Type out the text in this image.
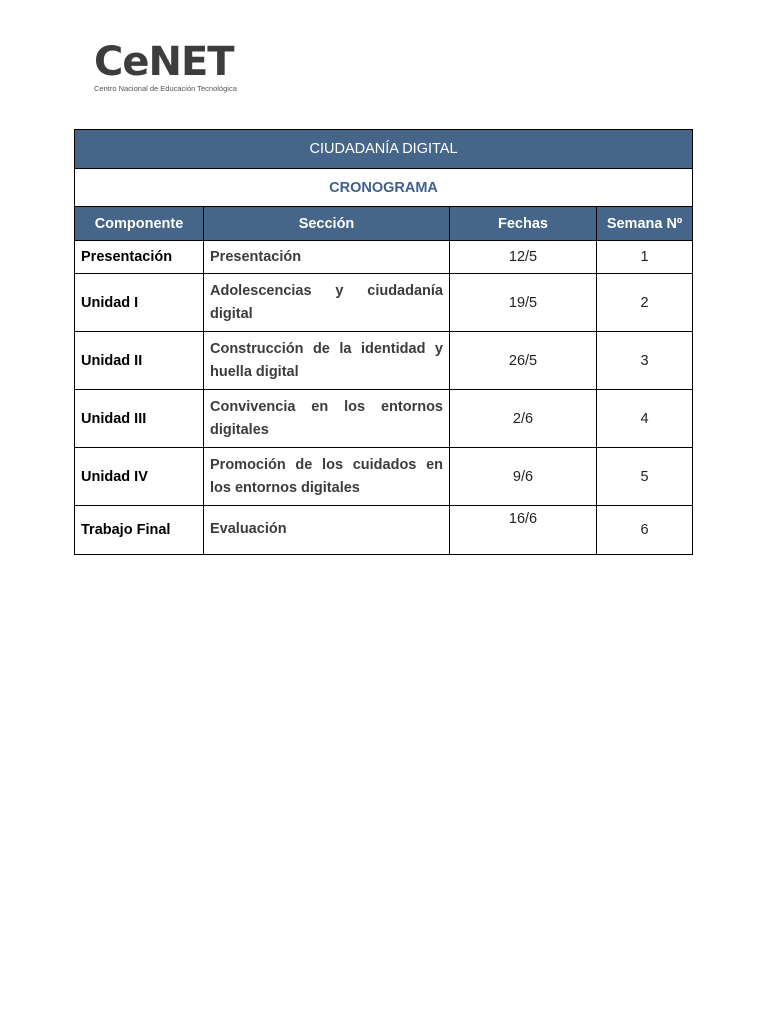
CeNET
Centro Nacional de Educación Tecnológica
CIUDADANÍA DIGITAL			
CRONOGRAMA			
Componente	Sección	Fechas	Semana Nº
Presentación	Presentación	12/5	1
Unidad I	Adolescencias y ciudadanía digital	19/5	2
Unidad II	Construcción de la identidad y huella digital	26/5	3
Unidad III	Convivencia en los entornos digitales	2/6	4
Unidad IV	Promoción de los cuidados en los entornos digitales	9/6	5
Trabajo Final	Evaluación	16/6	6
